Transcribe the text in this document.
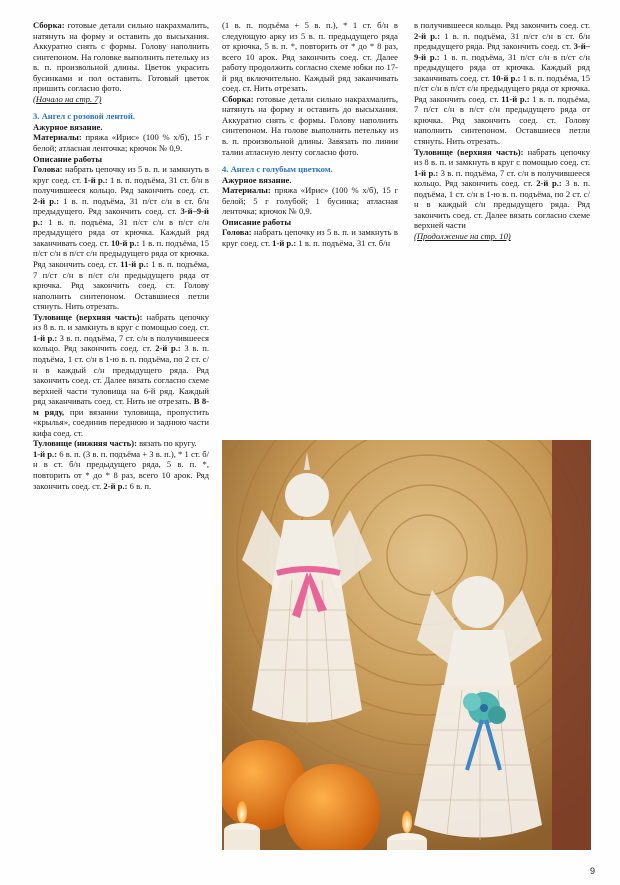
Сборка: готовые детали сильно накрахмалить, натянуть на форму и оставить до высыхания. Аккуратно снять с формы. Голову наполнить синтепоном. На головке выполнить петельку из в. п. произвольной длины. Цветок украсить бусинками и пол оставить. Готовый цветок пришить согласно фото.

(Начало на стр. 7)

3. Ангел с розовой лентой.

Ажурное вязание.

Материалы: пряжа «Ирис» (100 % х/б), 15 г белой; атласная ленточка; крючок № 0,9.

Описание работы

Голова: набрать цепочку из 5 в. п. и замкнуть в круг соед. ст. 1-й р.: 1 в. п. подъёма, 31 ст. б/н в получившееся кольцо. Ряд закончить соед. ст. 2-й р.: 1 в. п. подъёма, 31 п/ст с/н в ст. б/н предыдущего. Ряд закончить соед. ст. 3-й–9-й р.: 1 в. п. подъёма, 31 п/ст с/н в п/ст с/н предыдущего ряда от крючка. Каждый ряд заканчивать соед. ст. 10-й р.: 1 в. п. подъёма, 15 п/ст с/н в п/ст с/н предыдущего ряда от крючка. Ряд закончить соед. ст. 11-й р.: 1 в. п. подъёма, 7 п/ст с/н в п/ст с/н предыдущего ряда от крючка. Ряд закончить соед. ст. Голову наполнить синтепоном. Оставшиеся петли стянуть. Нить отрезать.

Туловище (верхняя часть): набрать цепочку из 8 в. п. и замкнуть в круг с помощью соед. ст. 1-й р.: 3 в. п. подъёма, 7 ст. с/н в получившееся кольцо. Ряд закончить соед. ст. 2-й р.: 3 в. п. подъёма, 1 ст. с/н в 1-ю в. п. подъёма, по 2 ст. с/н в каждый с/н предыдущего ряда. Ряд закончить соед. ст. Далее вязать согласно схеме верхней части туловища на 6-й ряд. Каждый ряд заканчивать соед. ст. Нить не отрезать. В 8-м ряду, при вязании туловища, пропустить «крылья», соединив переднюю и заднюю части кифа соед. ст.

Туловище (нижняя часть): вязать по кругу.

1-й р.: 6 в. п. (3 в. п. подъёма + 3 в. п.), * 1 ст. б/н в ст. б/н предыдущего ряда, 5 в. п. *, повторить от * до * 8 раз, всего 10 арок. Ряд закончить соед. ст. 2-й р.: 6 в. п.

(1 в. п. подъёма + 5 в. п.), * 1 ст. б/н в следующую арку из 5 в. п. предыдущего ряда от крючка, 5 в. п. *, повторить от * до * 8 раз, всего 10 арок. Ряд закончить соед. ст. Далее работу продолжить согласно схеме юбки по 17-й ряд включительно. Каждый ряд заканчивать соед. ст. Нить отрезать.

Сборка: готовые детали сильно накрахмалить, натянуть на форму и оставить до высыхания. Аккуратно снять с формы. Голову наполнить синтепоном. На голове выполнить петельку из в. п. произвольной длины. Завязать по линии талии атласную ленту согласно фото.

4. Ангел с голубым цветком.

Ажурное вязание.

Материалы: пряжа «Ирис» (100 % х/б), 15 г белой; 5 г голубой; 1 бусинка; атласная ленточка; крючок № 0,9.

Описание работы

Голова: набрать цепочку из 5 в. п. и замкнуть в круг соед. ст. 1-й р.: 1 в. п. подъёма, 31 ст. б/н

в получившееся кольцо. Ряд закончить соед. ст. 2-й р.: 1 в. п. подъёма, 31 п/ст с/н в ст. б/н предыдущего ряда. Ряд закончить соед. ст. 3-й–9-й р.: 1 в. п. подъёма, 31 п/ст с/н в п/ст с/н предыдущего ряда от крючка. Каждый ряд заканчивать соед. ст. 10-й р.: 1 в. п. подъёма, 15 п/ст с/н в п/ст с/н предыдущего ряда от крючка. Ряд закончить соед. ст. 11-й р.: 1 в. п. подъёма, 7 п/ст с/н в п/ст с/н предыдущего ряда от крючка. Ряд закончить соед. ст. Голову наполнить синтепоном. Оставшиеся петли стянуть. Нить отрезать.

Туловище (верхняя часть): набрать цепочку из 8 в. п. и замкнуть в круг с помощью соед. ст. 1-й р.: 3 в. п. подъёма, 7 ст. с/н в получившееся кольцо. Ряд закончить соед. ст. 2-й р.: 3 в. п. подъёма, 1 ст. с/н в 1-ю в. п. подъёма, по 2 ст. с/н в каждый с/н предыдущего ряда. Ряд закончить соед. ст. Далее вязать согласно схеме верхней части

(Продолжение на стр. 10)

9
